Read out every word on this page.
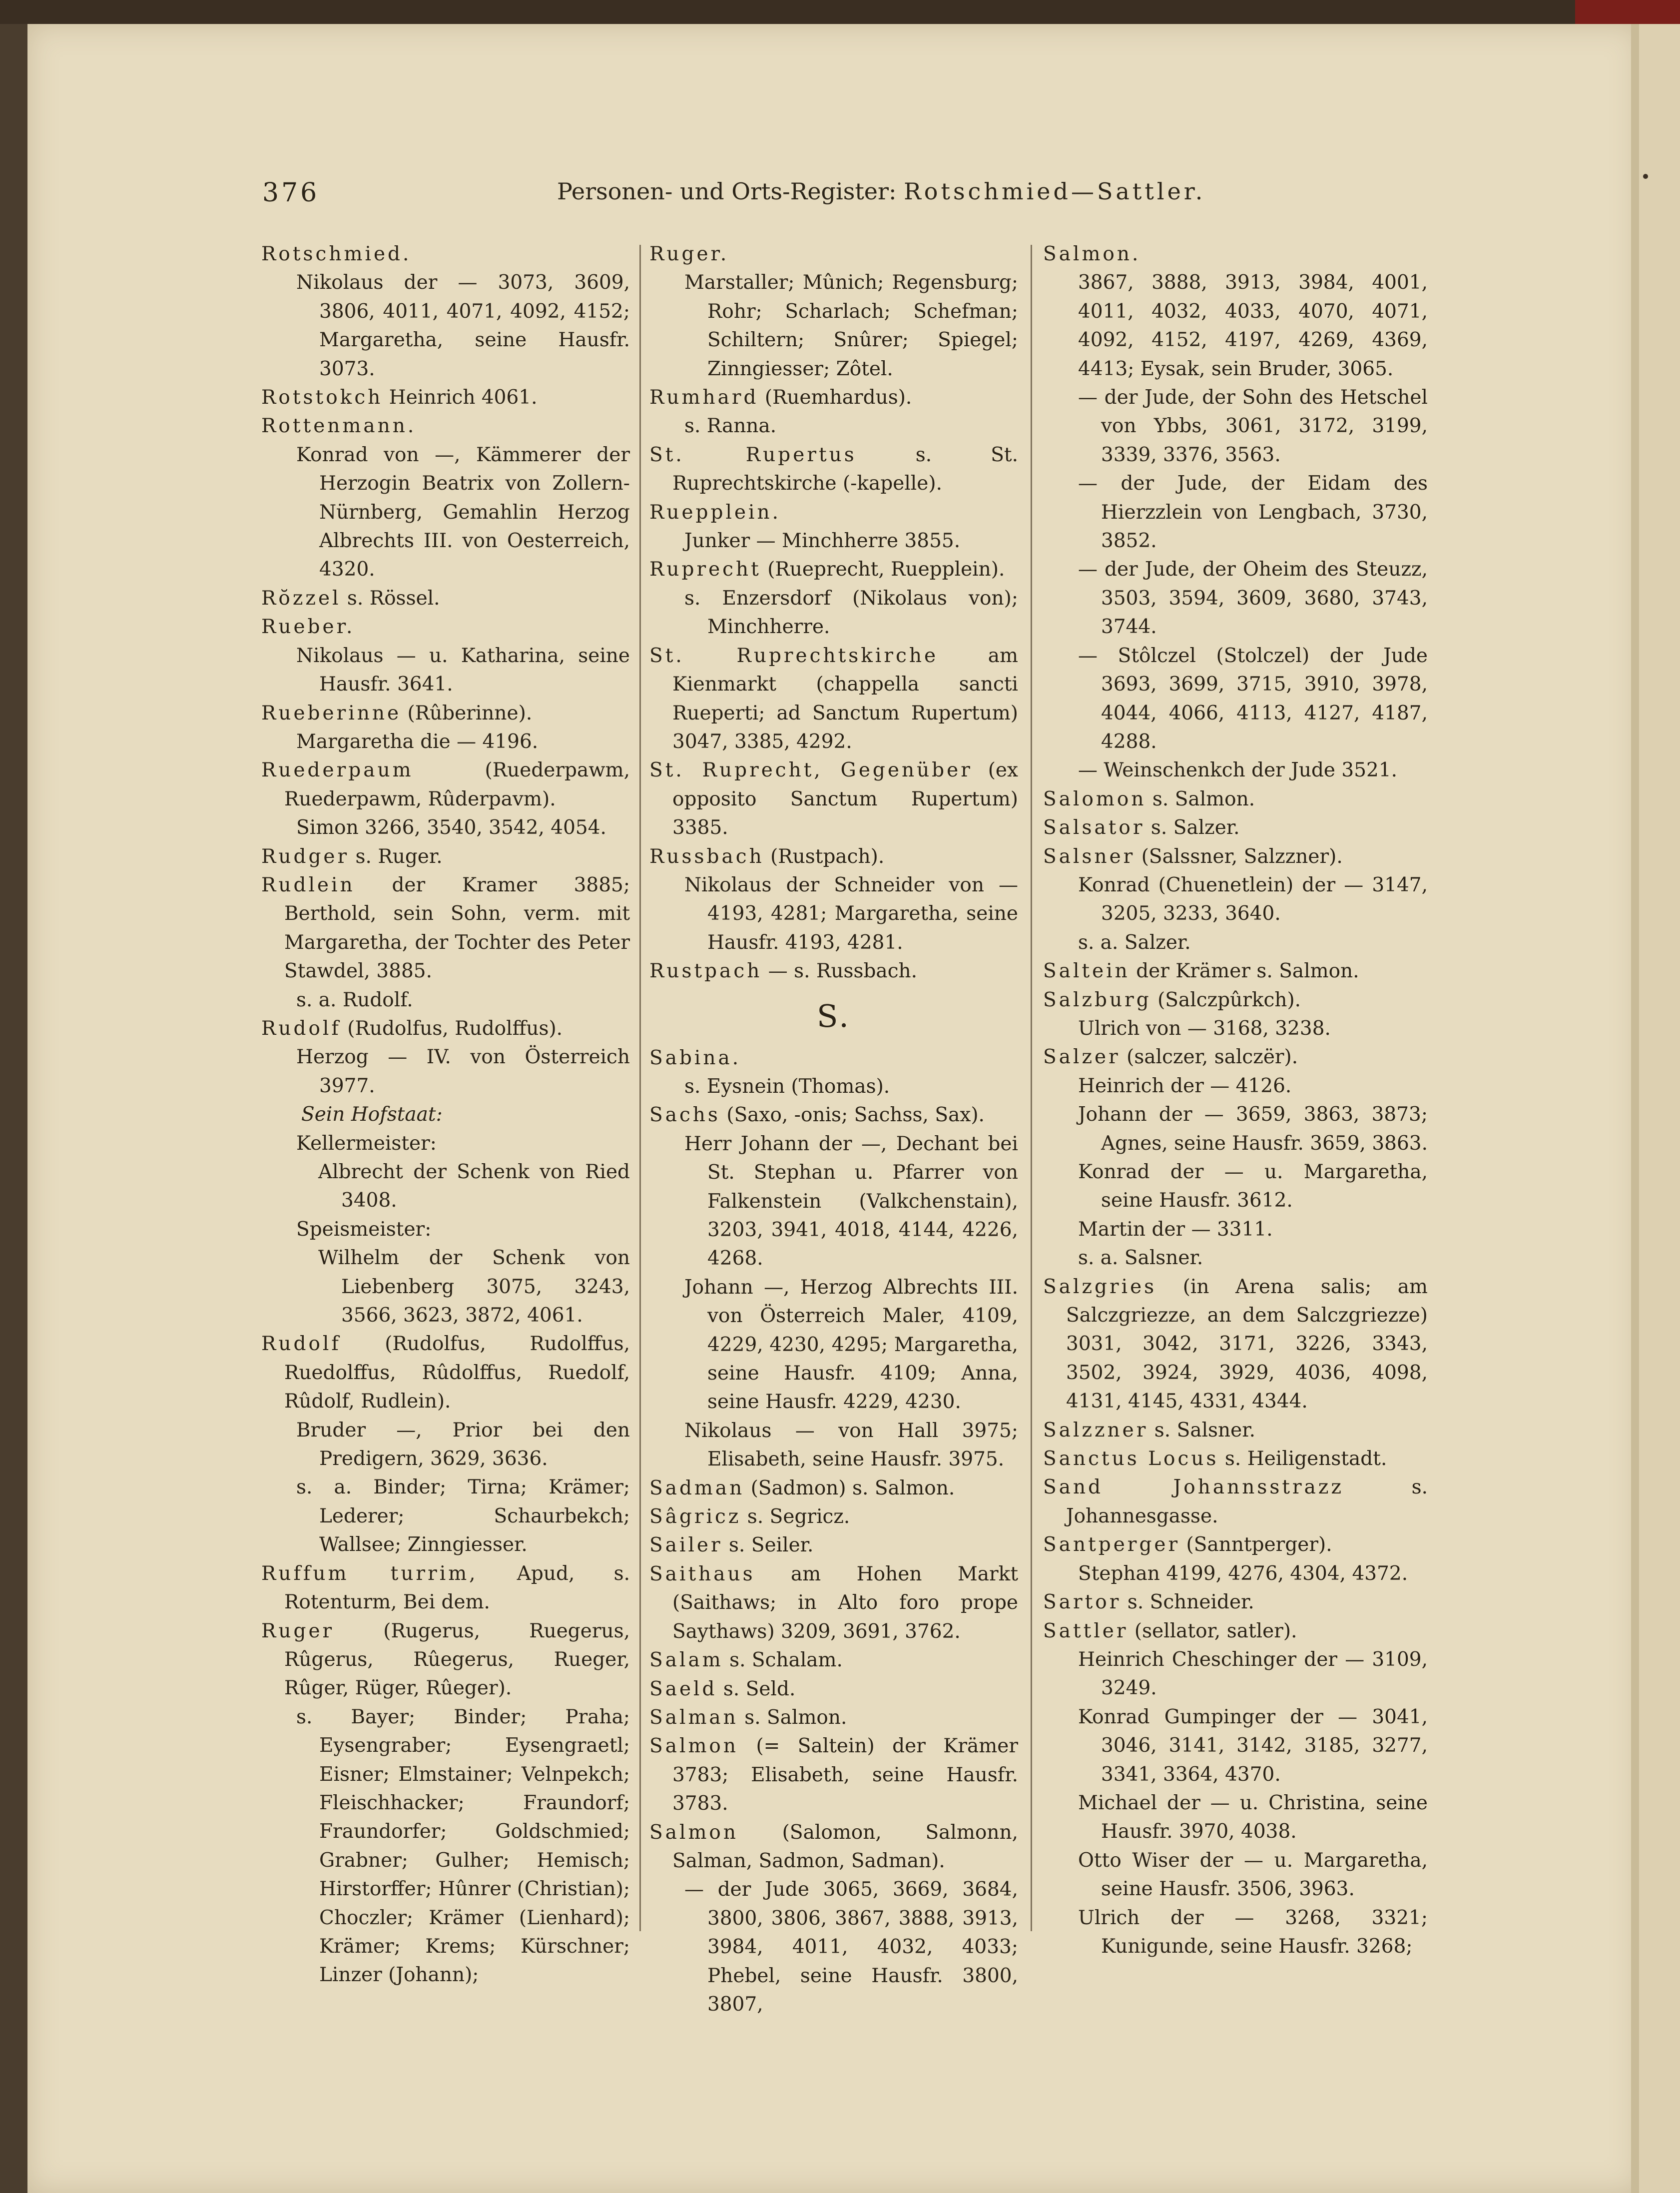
376	Personen- und Orts-Register: Rotschmied—Sattler.

Rotschmied.

Nikolaus der — 3073, 3609, 3806, 4011, 4071, 4092, 4152; Margaretha, seine Hausfr. 3073.

Rotstokch Heinrich 4061.

Rottenmann.

Konrad von —, Kämmerer der Herzogin Beatrix von Zollern-Nürnberg, Gemahlin Herzog Albrechts III. von Oesterreich, 4320.

Rŏzzel s. Rössel.

Rueber.

Nikolaus — u. Katharina, seine Hausfr. 3641.

Rueberinne (Rûberinne).

Margaretha die — 4196.

Ruederpaum (Ruederpawm, Ruederpawm, Rûderpavm).

Simon 3266, 3540, 3542, 4054.

Rudger s. Ruger.

Rudlein der Kramer 3885; Berthold, sein Sohn, verm. mit Margaretha, der Tochter des Peter Stawdel, 3885.

s. a. Rudolf.

Rudolf (Rudolfus, Rudolffus).

Herzog — IV. von Österreich 3977.

Sein Hofstaat:

Kellermeister:

Albrecht der Schenk von Ried 3408.

Speismeister:

Wilhelm der Schenk von Liebenberg 3075, 3243, 3566, 3623, 3872, 4061.

Rudolf (Rudolfus, Rudolffus, Ruedolffus, Rûdolffus, Ruedolf, Rûdolf, Rudlein).

Bruder —, Prior bei den Predigern, 3629, 3636.

s. a. Binder; Tirna; Krämer; Lederer; Schaurbekch; Wallsee; Zinngiesser.

Ruffum turrim, Apud, s. Rotenturm, Bei dem.

Ruger (Rugerus, Ruegerus, Rûgerus, Rûegerus, Rueger, Rûger, Rüger, Rûeger).

s. Bayer; Binder; Praha; Eysengraber; Eysengraetl; Eisner; Elmstainer; Velnpekch; Fleischhacker; Fraundorf; Fraundorfer; Goldschmied; Grabner; Gulher; Hemisch; Hirstorffer; Hûnrer (Christian); Choczler; Krämer (Lienhard); Krämer; Krems; Kürschner; Linzer (Johann);

Ruger.

Marstaller; Mûnich; Regensburg; Rohr; Scharlach; Schefman; Schiltern; Snûrer; Spiegel; Zinngiesser; Zôtel.

Rumhard (Ruemhardus).

s. Ranna.

St. Rupertus s. St. Ruprechtskirche (-kapelle).

Ruepplein.

Junker — Minchherre 3855.

Ruprecht (Rueprecht, Ruepplein).

s. Enzersdorf (Nikolaus von); Minchherre.

St. Ruprechtskirche am Kienmarkt (chappella sancti Rueperti; ad Sanctum Rupertum) 3047, 3385, 4292.

St. Ruprecht, Gegenüber (ex opposito Sanctum Rupertum) 3385.

Russbach (Rustpach).

Nikolaus der Schneider von — 4193, 4281; Margaretha, seine Hausfr. 4193, 4281.

Rustpach — s. Russbach.

S.

Sabina.

s. Eysnein (Thomas).

Sachs (Saxo, -onis; Sachss, Sax).

Herr Johann der —, Dechant bei St. Stephan u. Pfarrer von Falkenstein (Valkchenstain), 3203, 3941, 4018, 4144, 4226, 4268.

Johann —, Herzog Albrechts III. von Österreich Maler, 4109, 4229, 4230, 4295; Margaretha, seine Hausfr. 4109; Anna, seine Hausfr. 4229, 4230.

Nikolaus — von Hall 3975; Elisabeth, seine Hausfr. 3975.

Sadman (Sadmon) s. Salmon.

Sâgricz s. Segricz.

Sailer s. Seiler.

Saithaus am Hohen Markt (Saithaws; in Alto foro prope Saythaws) 3209, 3691, 3762.

Salam s. Schalam.

Saeld s. Seld.

Salman s. Salmon.

Salmon (= Saltein) der Krämer 3783; Elisabeth, seine Hausfr. 3783.

Salmon (Salomon, Salmonn, Salman, Sadmon, Sadman).

— der Jude 3065, 3669, 3684, 3800, 3806, 3867, 3888, 3913, 3984, 4011, 4032, 4033; Phebel, seine Hausfr. 3800, 3807,

Salmon.

3867, 3888, 3913, 3984, 4001, 4011, 4032, 4033, 4070, 4071, 4092, 4152, 4197, 4269, 4369, 4413; Eysak, sein Bruder, 3065.

— der Jude, der Sohn des Hetschel von Ybbs, 3061, 3172, 3199, 3339, 3376, 3563.

— der Jude, der Eidam des Hierzzlein von Lengbach, 3730, 3852.

— der Jude, der Oheim des Steuzz, 3503, 3594, 3609, 3680, 3743, 3744.

— Stôlczel (Stolczel) der Jude 3693, 3699, 3715, 3910, 3978, 4044, 4066, 4113, 4127, 4187, 4288.

— Weinschenkch der Jude 3521.

Salomon s. Salmon.

Salsator s. Salzer.

Salsner (Salssner, Salzzner).

Konrad (Chuenetlein) der — 3147, 3205, 3233, 3640.

s. a. Salzer.

Saltein der Krämer s. Salmon.

Salzburg (Salczpûrkch).

Ulrich von — 3168, 3238.

Salzer (salczer, salczër).

Heinrich der — 4126.

Johann der — 3659, 3863, 3873; Agnes, seine Hausfr. 3659, 3863.

Konrad der — u. Margaretha, seine Hausfr. 3612.

Martin der — 3311.

s. a. Salsner.

Salzgries (in Arena salis; am Salczgriezze, an dem Salczgriezze) 3031, 3042, 3171, 3226, 3343, 3502, 3924, 3929, 4036, 4098, 4131, 4145, 4331, 4344.

Salzzner s. Salsner.

Sanctus Locus s. Heiligenstadt.

Sand Johannsstrazz s. Johannesgasse.

Santperger (Sanntperger).

Stephan 4199, 4276, 4304, 4372.

Sartor s. Schneider.

Sattler (sellator, satler).

Heinrich Cheschinger der — 3109, 3249.

Konrad Gumpinger der — 3041, 3046, 3141, 3142, 3185, 3277, 3341, 3364, 4370.

Michael der — u. Christina, seine Hausfr. 3970, 4038.

Otto Wiser der — u. Margaretha, seine Hausfr. 3506, 3963.

Ulrich der — 3268, 3321; Kunigunde, seine Hausfr. 3268;
